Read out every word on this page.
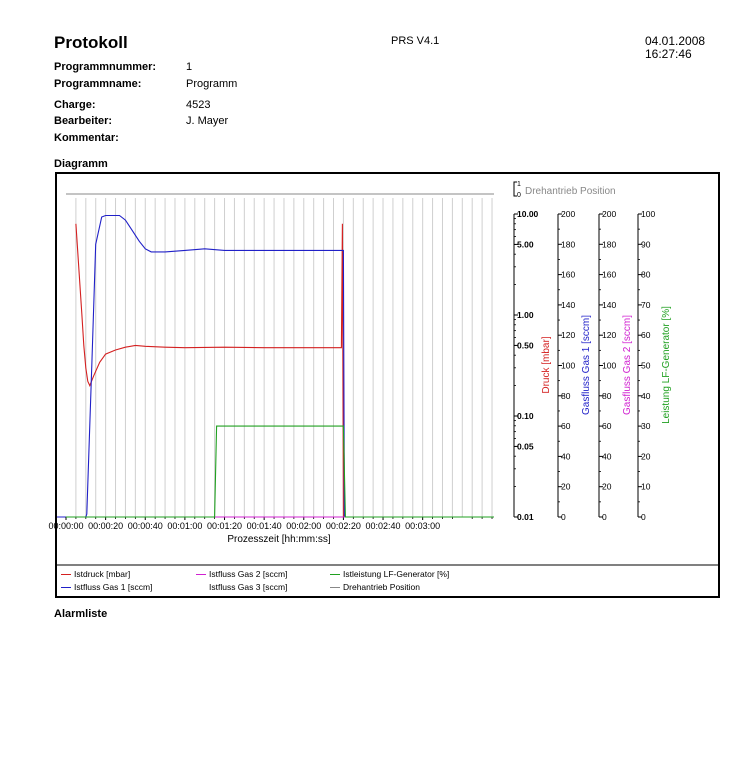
Protokoll	PRS V4.1	04.01.2008
16:27:46
Programmnummer:	1
Programmname:	Programm
Charge:	4523
Bearbeiter:	J. Mayer
Kommentar:
Diagramm
00:00:00 00:00:20 00:00:40 00:01:00 00:01:20 00:01:40 00:02:00 00:02:20 00:02:40 00:03:00
Prozesszeit [hh:mm:ss]
10.00
5.00
1.00
0.50
0.10
0.05
0.01	0
20
40
60
80
100
120
140
160
180
200
0
20
40
60
80
100
120
140
160
180
200
0
10
20
30
40
50
60
70
80
90
100
Druck [mbar]	Gasfluss Gas 1 [sccm]	Gasfluss Gas 2 [sccm]	Leistung LF-Generator [%]
1
0 Drehantrieb Position
Istdruck [mbar]
Istfluss Gas 1 [sccm]
Istfluss Gas 2 [sccm]
Istfluss Gas 3 [sccm]
Istleistung LF-Generator [%]
Drehantrieb Position
Alarmliste
